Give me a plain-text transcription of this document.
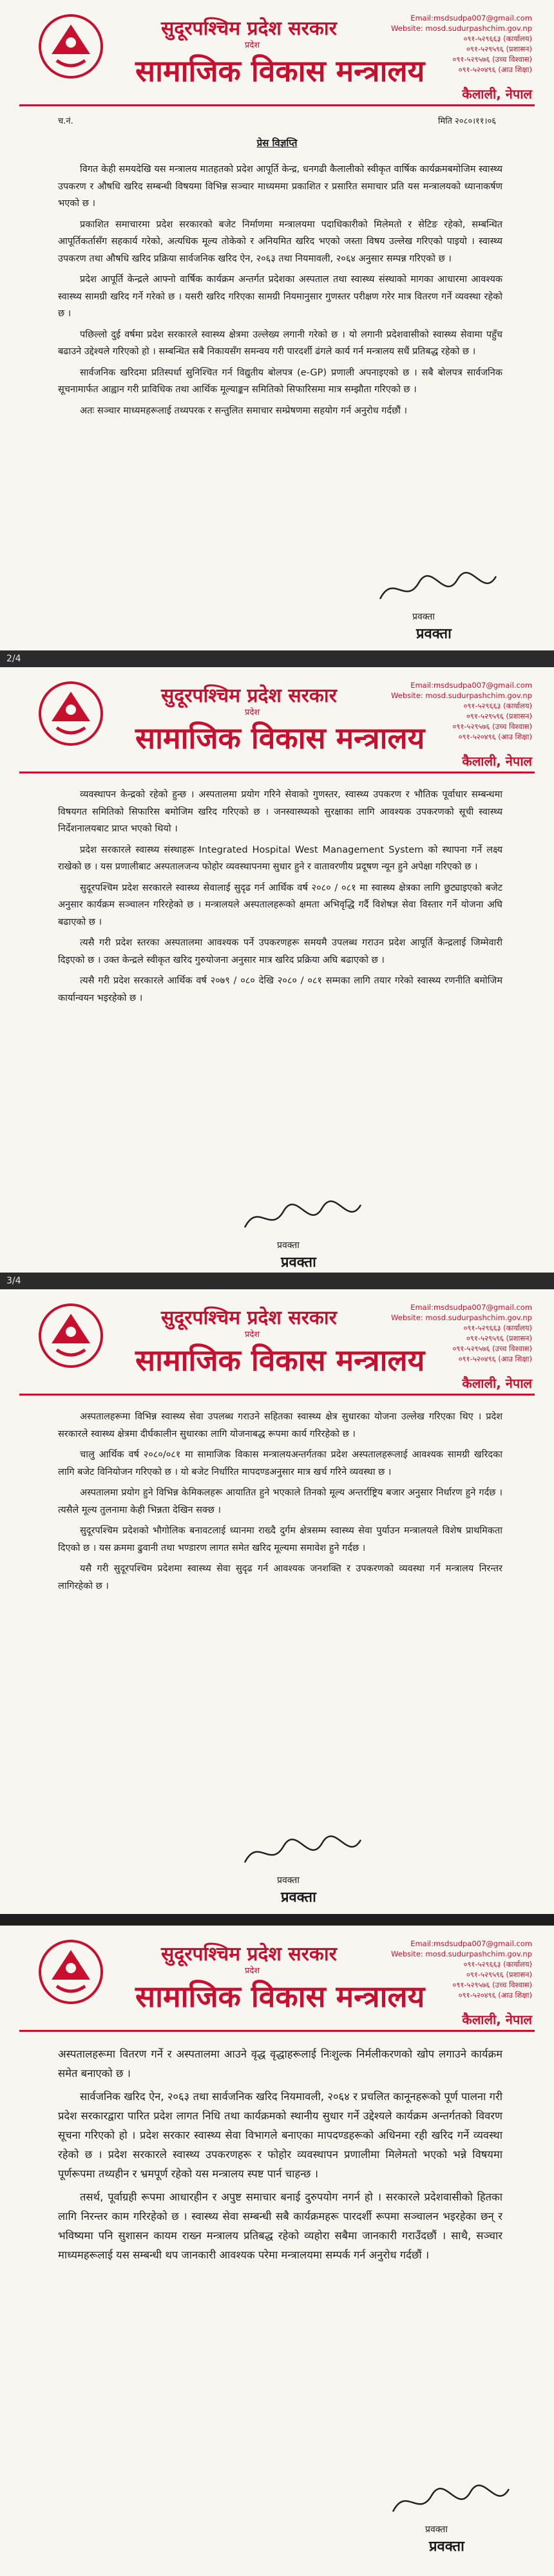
सुदूरपश्चिम प्रदेश सरकार
प्रदेश
सामाजिक विकास मन्त्रालय
Email:msdsudpa007@gmail.com
Website: mosd.sudurpashchim.gov.np
०९१-५२९६६३ (कार्यालय)
०९१-५२९५९६ (प्रशासन)
०९१-५२९५७६ (उच्च विश्वास)
०९१-५२०४९६ (आउ शिक्षा)
कैलाली, नेपाल
च.नं.	मिति २०८०।११।०६
प्रेस विज्ञप्ति

विगत केही समयदेखि यस मन्त्रालय मातहतको प्रदेश आपूर्ति केन्द्र, धनगढी कैलालीको स्वीकृत वार्षिक कार्यक्रमबमोजिम स्वास्थ्य उपकरण र औषधि खरिद सम्बन्धी विषयमा विभिन्न सञ्चार माध्यममा प्रकाशित र प्रसारित समाचार प्रति यस मन्त्रालयको ध्यानाकर्षण भएको छ ।

प्रकाशित समाचारमा प्रदेश सरकारको बजेट निर्माणमा मन्त्रालयमा पदाधिकारीको मिलेमतो र सेटिङ रहेको, सम्बन्धित आपूर्तिकर्तासँग सहकार्य गरेको, अत्यधिक मूल्य तोकेको र अनियमित खरिद भएको जस्ता विषय उल्लेख गरिएको पाइयो । स्वास्थ्य उपकरण तथा औषधि खरिद प्रक्रिया सार्वजनिक खरिद ऐन, २०६३ तथा नियमावली, २०६४ अनुसार सम्पन्न गरिएको छ ।

प्रदेश आपूर्ति केन्द्रले आफ्नो वार्षिक कार्यक्रम अन्तर्गत प्रदेशका अस्पताल तथा स्वास्थ्य संस्थाको मागका आधारमा आवश्यक स्वास्थ्य सामग्री खरिद गर्ने गरेको छ । यसरी खरिद गरिएका सामग्री नियमानुसार गुणस्तर परीक्षण गरेर मात्र वितरण गर्ने व्यवस्था रहेको छ ।

पछिल्लो दुई वर्षमा प्रदेश सरकारले स्वास्थ्य क्षेत्रमा उल्लेख्य लगानी गरेको छ । यो लगानी प्रदेशवासीको स्वास्थ्य सेवामा पहुँच बढाउने उद्देश्यले गरिएको हो । सम्बन्धित सबै निकायसँग समन्वय गरी पारदर्शी ढंगले कार्य गर्न मन्त्रालय सधैं प्रतिबद्ध रहेको छ ।

सार्वजनिक खरिदमा प्रतिस्पर्धा सुनिश्चित गर्न विद्युतीय बोलपत्र (e-GP) प्रणाली अपनाइएको छ । सबै बोलपत्र सार्वजनिक सूचनामार्फत आह्वान गरी प्राविधिक तथा आर्थिक मूल्याङ्कन समितिको सिफारिसमा मात्र सम्झौता गरिएको छ ।

अतः सञ्चार माध्यमहरूलाई तथ्यपरक र सन्तुलित समाचार सम्प्रेषणमा सहयोग गर्न अनुरोध गर्दछौं ।

प्रवक्ता
प्रवक्ता
2/4
सुदूरपश्चिम प्रदेश सरकार
प्रदेश
सामाजिक विकास मन्त्रालय
Email:msdsudpa007@gmail.com
Website: mosd.sudurpashchim.gov.np
०९१-५२९६६३ (कार्यालय)
०९१-५२९५९६ (प्रशासन)
०९१-५२९५७६ (उच्च विश्वास)
०९१-५२०४९६ (आउ शिक्षा)
कैलाली, नेपाल

व्यवस्थापन केन्द्रको रहेको हुन्छ । अस्पतालमा प्रयोग गरिने सेवाको गुणस्तर, स्वास्थ्य उपकरण र भौतिक पूर्वाधार सम्बन्धमा विषयगत समितिको सिफारिस बमोजिम खरिद गरिएको छ । जनस्वास्थ्यको सुरक्षाका लागि आवश्यक उपकरणको सूची स्वास्थ्य निर्देशनालयबाट प्राप्त भएको थियो ।

प्रदेश सरकारले स्वास्थ्य संस्थाहरू Integrated Hospital West Management System को स्थापना गर्ने लक्ष्य राखेको छ । यस प्रणालीबाट अस्पतालजन्य फोहोर व्यवस्थापनमा सुधार हुने र वातावरणीय प्रदूषण न्यून हुने अपेक्षा गरिएको छ ।

सुदूरपश्चिम प्रदेश सरकारले स्वास्थ्य सेवालाई सुदृढ गर्न आर्थिक वर्ष २०८० / ०८१ मा स्वास्थ्य क्षेत्रका लागि छुट्याइएको बजेट अनुसार कार्यक्रम सञ्चालन गरिरहेको छ । मन्त्रालयले अस्पतालहरूको क्षमता अभिवृद्धि गर्दै विशेषज्ञ सेवा विस्तार गर्ने योजना अघि बढाएको छ ।

त्यसै गरी प्रदेश स्तरका अस्पतालमा आवश्यक पर्ने उपकरणहरू समयमै उपलब्ध गराउन प्रदेश आपूर्ति केन्द्रलाई जिम्मेवारी दिइएको छ । उक्त केन्द्रले स्वीकृत खरिद गुरुयोजना अनुसार मात्र खरिद प्रक्रिया अघि बढाएको छ ।

त्यसै गरी प्रदेश सरकारले आर्थिक वर्ष २०७९ / ०८० देखि २०८० / ०८१ सम्मका लागि तयार गरेको स्वास्थ्य रणनीति बमोजिम कार्यान्वयन भइरहेको छ ।

प्रवक्ता
प्रवक्ता
3/4
सुदूरपश्चिम प्रदेश सरकार
प्रदेश
सामाजिक विकास मन्त्रालय
Email:msdsudpa007@gmail.com
Website: mosd.sudurpashchim.gov.np
०९१-५२९६६३ (कार्यालय)
०९१-५२९५९६ (प्रशासन)
०९१-५२९५७६ (उच्च विश्वास)
०९१-५२०४९६ (आउ शिक्षा)
कैलाली, नेपाल

अस्पतालहरूमा विभिन्न स्वास्थ्य सेवा उपलब्ध गराउने सहितका स्वास्थ्य क्षेत्र सुधारका योजना उल्लेख गरिएका थिए । प्रदेश सरकारले स्वास्थ्य क्षेत्रमा दीर्घकालीन सुधारका लागि योजनाबद्ध रूपमा कार्य गरिरहेको छ ।

चालु आर्थिक वर्ष २०८०/०८१ मा सामाजिक विकास मन्त्रालयअन्तर्गतका प्रदेश अस्पतालहरूलाई आवश्यक सामग्री खरिदका लागि बजेट विनियोजन गरिएको छ । यो बजेट निर्धारित मापदण्डअनुसार मात्र खर्च गरिने व्यवस्था छ ।

अस्पतालमा प्रयोग हुने विभिन्न केमिकलहरू आयातित हुने भएकाले तिनको मूल्य अन्तर्राष्ट्रिय बजार अनुसार निर्धारण हुने गर्दछ । त्यसैले मूल्य तुलनामा केही भिन्नता देखिन सक्छ ।

सुदूरपश्चिम प्रदेशको भौगोलिक बनावटलाई ध्यानमा राख्दै दुर्गम क्षेत्रसम्म स्वास्थ्य सेवा पुर्याउन मन्त्रालयले विशेष प्राथमिकता दिएको छ । यस क्रममा ढुवानी तथा भण्डारण लागत समेत खरिद मूल्यमा समावेश हुने गर्दछ ।

यसै गरी सुदूरपश्चिम प्रदेशमा स्वास्थ्य सेवा सुदृढ गर्न आवश्यक जनशक्ति र उपकरणको व्यवस्था गर्न मन्त्रालय निरन्तर लागिरहेको छ ।

प्रवक्ता
प्रवक्ता
सुदूरपश्चिम प्रदेश सरकार
प्रदेश
सामाजिक विकास मन्त्रालय
Email:msdsudpa007@gmail.com
Website: mosd.sudurpashchim.gov.np
०९१-५२९६६३ (कार्यालय)
०९१-५२९५९६ (प्रशासन)
०९१-५२९५७६ (उच्च विश्वास)
०९१-५२०४९६ (आउ शिक्षा)
कैलाली, नेपाल

अस्पतालहरूमा वितरण गर्ने र अस्पतालमा आउने वृद्ध वृद्धाहरूलाई निःशुल्क निर्मलीकरणको खोप लगाउने कार्यक्रम समेत बनाएको छ ।

सार्वजनिक खरिद ऐन, २०६३ तथा सार्वजनिक खरिद नियमावली, २०६४ र प्रचलित कानूनहरूको पूर्ण पालना गरी प्रदेश सरकारद्वारा पारित प्रदेश लागत निधि तथा कार्यक्रमको स्थानीय सुधार गर्ने उद्देश्यले कार्यक्रम अन्तर्गतको विवरण सूचना गरिएको हो । प्रदेश सरकार स्वास्थ्य सेवा विभागले बनाएका मापदण्डहरूको अधिनमा रही खरिद गर्ने व्यवस्था रहेको छ । प्रदेश सरकारले स्वास्थ्य उपकरणहरू र फोहोर व्यवस्थापन प्रणालीमा मिलेमतो भएको भन्ने विषयमा पूर्णरूपमा तथ्यहीन र भ्रमपूर्ण रहेको यस मन्त्रालय स्पष्ट पार्न चाहन्छ ।

तसर्थ, पूर्वाग्रही रूपमा आधारहीन र अपुष्ट समाचार बनाई दुरुपयोग नगर्न हो । सरकारले प्रदेशवासीको हितका लागि निरन्तर काम गरिरहेको छ । स्वास्थ्य सेवा सम्बन्धी सबै कार्यक्रमहरू पारदर्शी रूपमा सञ्चालन भइरहेका छन् र भविष्यमा पनि सुशासन कायम राख्न मन्त्रालय प्रतिबद्ध रहेको व्यहोरा सबैमा जानकारी गराउँदछौं । साथै, सञ्चार माध्यमहरूलाई यस सम्बन्धी थप जानकारी आवश्यक परेमा मन्त्रालयमा सम्पर्क गर्न अनुरोध गर्दछौं ।

प्रवक्ता
प्रवक्ता
